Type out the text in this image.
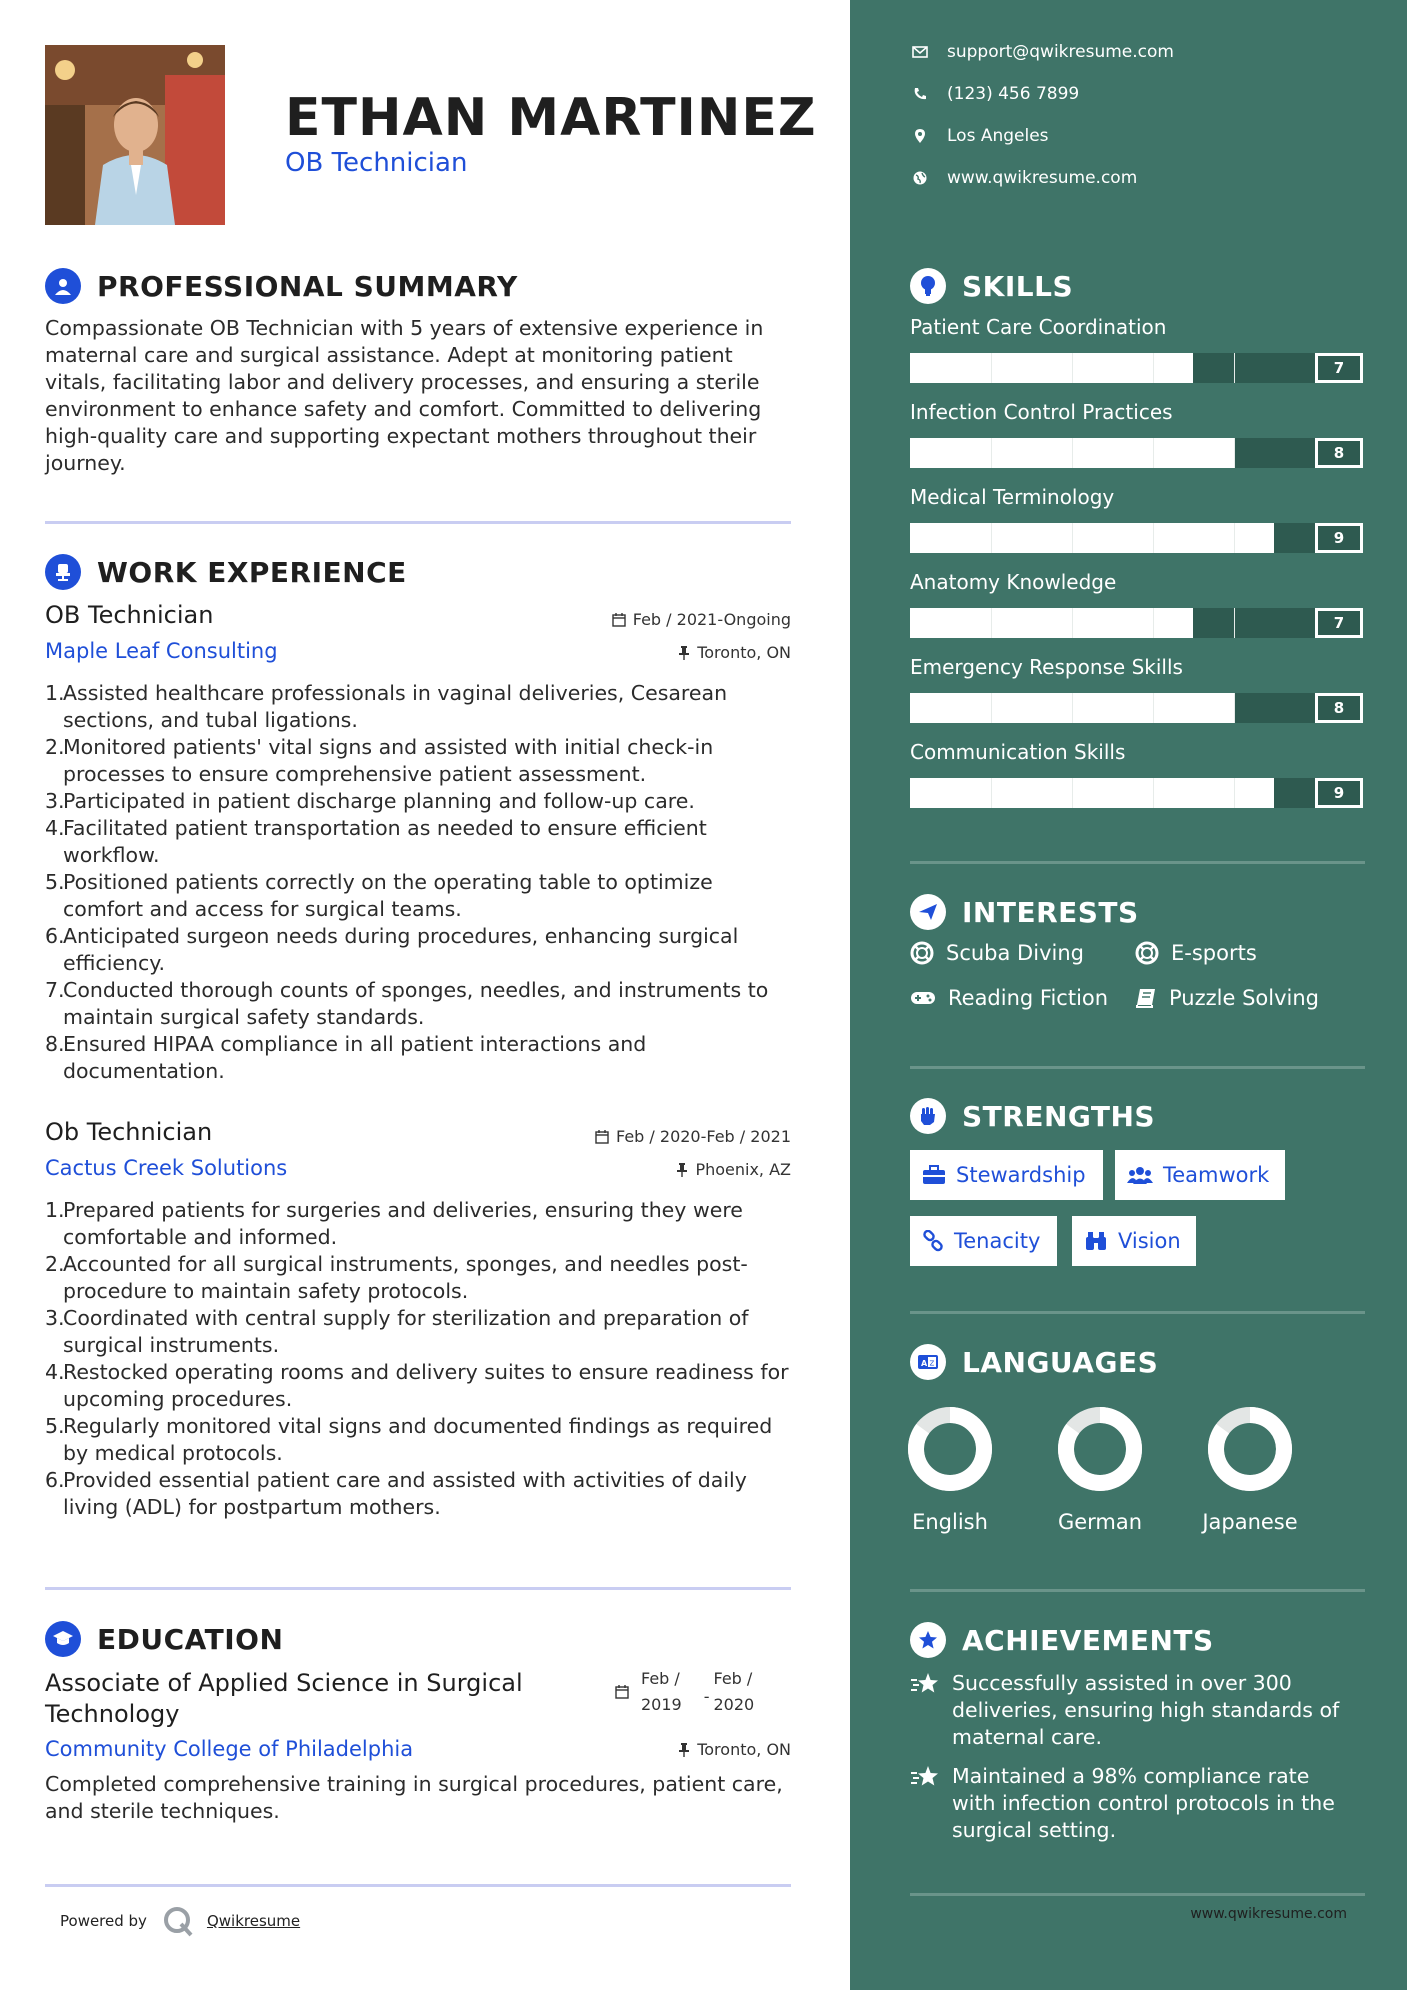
ETHAN MARTINEZ
OB Technician
PROFESSIONAL SUMMARY
Compassionate OB Technician with 5 years of extensive experience in maternal care and surgical assistance. Adept at monitoring patient vitals, facilitating labor and delivery processes, and ensuring a sterile environment to enhance safety and comfort. Committed to delivering high-quality care and supporting expectant mothers throughout their journey.
WORK EXPERIENCE
OB Technician	Feb / 2021-Ongoing
Maple Leaf Consulting	Toronto, ON
1.
Assisted healthcare professionals in vaginal deliveries, Cesarean sections, and tubal ligations.
2.
Monitored patients' vital signs and assisted with initial check-in processes to ensure comprehensive patient assessment.
3.
Participated in patient discharge planning and follow-up care.
4.
Facilitated patient transportation as needed to ensure efficient workflow.
5.
Positioned patients correctly on the operating table to optimize comfort and access for surgical teams.
6.
Anticipated surgeon needs during procedures, enhancing surgical efficiency.
7.
Conducted thorough counts of sponges, needles, and instruments to maintain surgical safety standards.
8.
Ensured HIPAA compliance in all patient interactions and documentation.
Ob Technician	Feb / 2020-Feb / 2021
Cactus Creek Solutions	Phoenix, AZ
1.
Prepared patients for surgeries and deliveries, ensuring they were comfortable and informed.
2.
Accounted for all surgical instruments, sponges, and needles post-procedure to maintain safety protocols.
3.
Coordinated with central supply for sterilization and preparation of surgical instruments.
4.
Restocked operating rooms and delivery suites to ensure readiness for upcoming procedures.
5.
Regularly monitored vital signs and documented findings as required by medical protocols.
6.
Provided essential patient care and assisted with activities of daily living (ADL) for postpartum mothers.
EDUCATION
Associate of Applied Science in Surgical
Technology
Feb /
2019 -
Feb /
2020
Community College of Philadelphia	Toronto, ON
Completed comprehensive training in surgical procedures, patient care, and sterile techniques.
Powered by	Qwikresume
support@qwikresume.com
(123) 456 7899
Los Angeles
www.qwikresume.com
SKILLS
Patient Care Coordination
7
Infection Control Practices
8
Medical Terminology
9
Anatomy Knowledge
7
Emergency Response Skills
8
Communication Skills
9
INTERESTS
Scuba Diving	E-sports
Reading Fiction	Puzzle Solving
STRENGTHS
Stewardship	Teamwork
Tenacity	Vision
A Z LANGUAGES
English	German	Japanese
ACHIEVEMENTS
Successfully assisted in over 300
deliveries, ensuring high standards of
maternal care.
Maintained a 98% compliance rate
with infection control protocols in the
surgical setting.
www.qwikresume.com
